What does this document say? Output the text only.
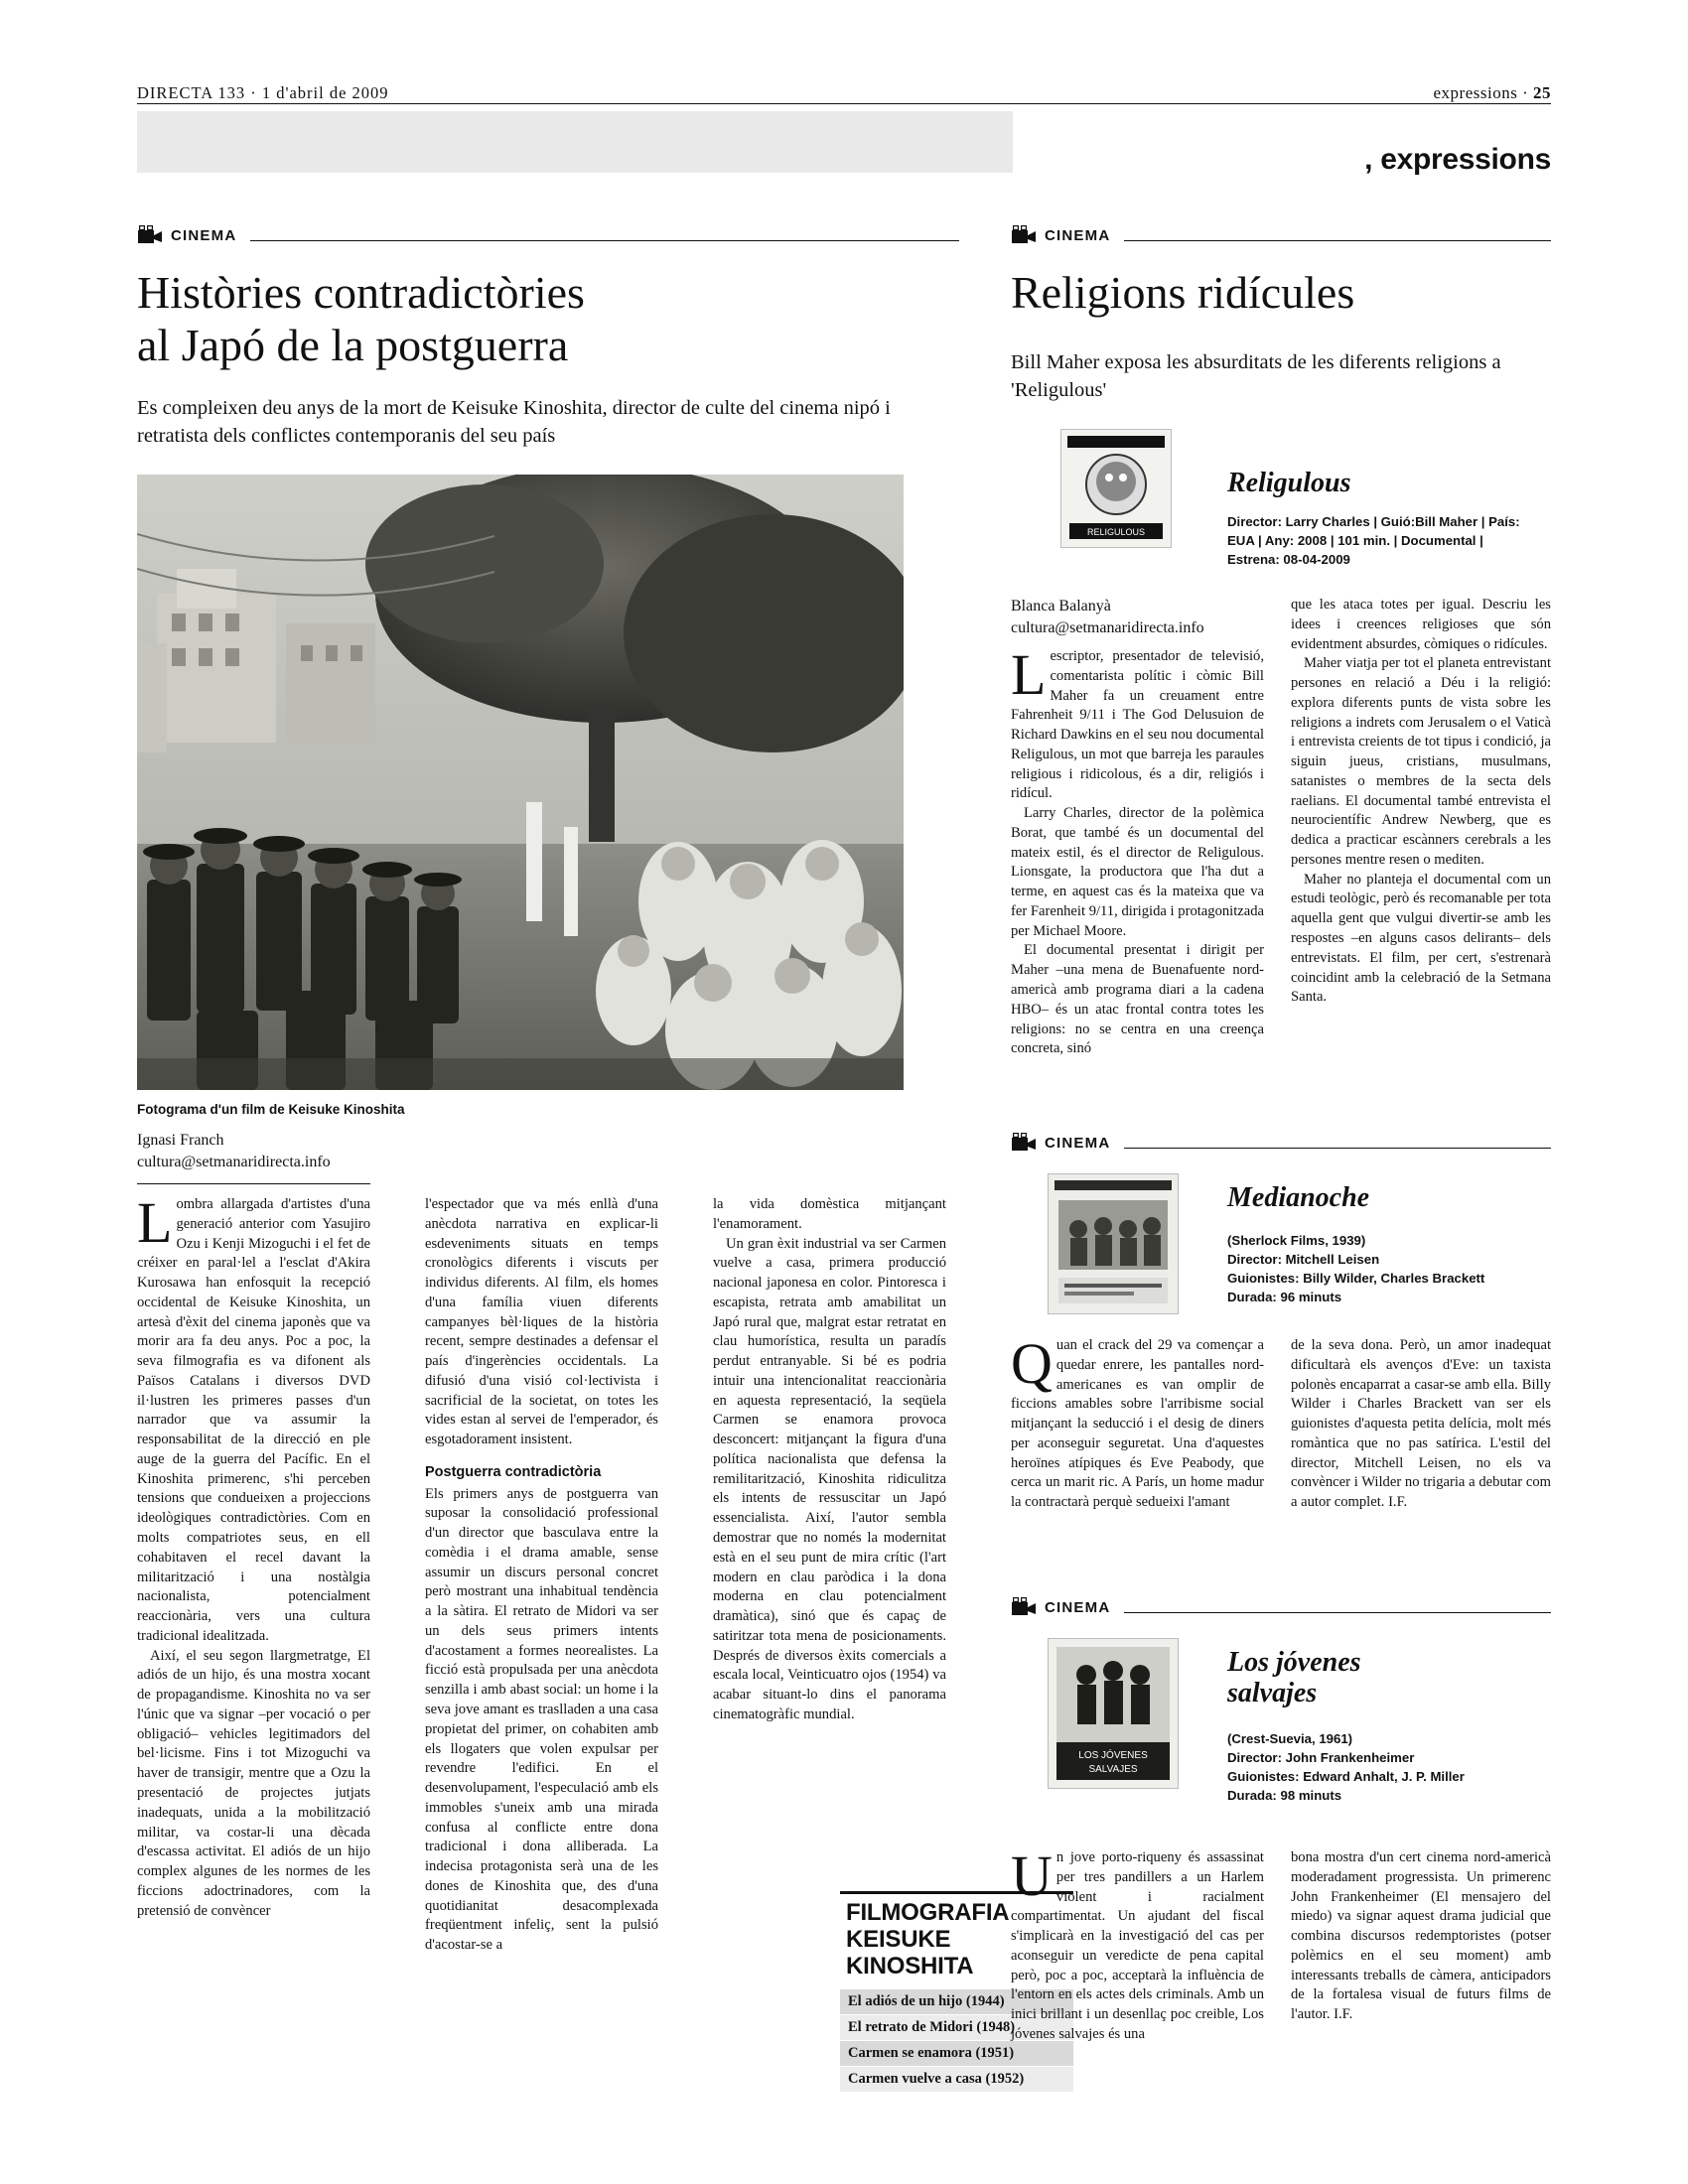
DIRECTA 133 · 1 d'abril de 2009	expressions · 25
, expressions
CINEMA
Històries contradictòries
al Japó de la postguerra
Es compleixen deu anys de la mort de Keisuke Kinoshita, director de culte del cinema nipó i retratista dels conflictes contemporanis del seu país
Fotograma d'un film de Keisuke Kinoshita
Ignasi Franch
cultura@setmanaridirecta.info

Lombra allargada d'artistes d'una generació anterior com Yasujiro Ozu i Kenji Mizoguchi i el fet de créixer en paral·lel a l'esclat d'Akira Kurosawa han enfosquit la recepció occidental de Keisuke Kinoshita, un artesà d'èxit del cinema japonès que va morir ara fa deu anys. Poc a poc, la seva filmografia es va difonent als Països Catalans i diversos DVD il·lustren les primeres passes d'un narrador que va assumir la responsabilitat de la direcció en ple auge de la guerra del Pacífic. En el Kinoshita primerenc, s'hi perceben tensions que condueixen a projeccions ideològiques contradictòries. Com en molts compatriotes seus, en ell cohabitaven el recel davant la militarització i una nostàlgia nacionalista, potencialment reaccionària, vers una cultura tradicional idealitzada.

Així, el seu segon llargmetratge, El adiós de un hijo, és una mostra xocant de propagandisme. Kinoshita no va ser l'únic que va signar –per vocació o per obligació– vehicles legitimadors del bel·licisme. Fins i tot Mizoguchi va haver de transigir, mentre que a Ozu la presentació de projectes jutjats inadequats, unida a la mobilització militar, va costar-li una dècada d'escassa activitat. El adiós de un hijo complex algunes de les normes de les ficcions adoctrinadores, com la pretensió de convèncer

l'espectador que va més enllà d'una anècdota narrativa en explicar-li esdeveniments situats en temps cronològics diferents i viscuts per individus diferents. Al film, els homes d'una família viuen diferents campanyes bèl·liques de la història recent, sempre destinades a defensar el país d'ingerències occidentals. La difusió d'una visió col·lectivista i sacrificial de la societat, on totes les vides estan al servei de l'emperador, és esgotadorament insistent.

Postguerra contradictòria

Els primers anys de postguerra van suposar la consolidació professional d'un director que basculava entre la comèdia i el drama amable, sense assumir un discurs personal concret però mostrant una inhabitual tendència a la sàtira. El retrato de Midori va ser un dels seus primers intents d'acostament a formes neorealistes. La ficció està propulsada per una anècdota senzilla i amb abast social: un home i la seva jove amant es traslladen a una casa propietat del primer, on cohabiten amb els llogaters que volen expulsar per revendre l'edifici. En el desenvolupament, l'especulació amb els immobles s'uneix amb una mirada confusa al conflicte entre dona tradicional i dona alliberada. La indecisa protagonista serà una de les dones de Kinoshita que, des d'una quotidianitat desacomplexada freqüentment infeliç, sent la pulsió d'acostar-se a

la vida domèstica mitjançant l'enamorament.

Un gran èxit industrial va ser Carmen vuelve a casa, primera producció nacional japonesa en color. Pintoresca i escapista, retrata amb amabilitat un Japó rural que, malgrat estar retratat en clau humorística, resulta un paradís perdut entranyable. Si bé es podria intuir una intencionalitat reaccionària en aquesta representació, la seqüela Carmen se enamora provoca desconcert: mitjançant la figura d'una política nacionalista que defensa la remilitarització, Kinoshita ridiculitza els intents de ressuscitar un Japó essencialista. Així, l'autor sembla demostrar que no només la modernitat està en el seu punt de mira crític (l'art modern en clau paròdica i la dona moderna en clau potencialment dramàtica), sinó que és capaç de satiritzar tota mena de posicionaments. Després de diversos èxits comercials a escala local, Veinticuatro ojos (1954) va acabar situant-lo dins el panorama cinematogràfic mundial.

FILMOGRAFIA
KEISUKE KINOSHITA
El adiós de un hijo (1944)
El retrato de Midori (1948)
Carmen se enamora (1951)
Carmen vuelve a casa (1952)
CINEMA
Religions ridícules
Bill Maher exposa les absurditats de les diferents religions a 'Religulous'
RELIGULOUS
Religulous
Director: Larry Charles | Guió:Bill Maher | País: EUA | Any: 2008 | 101 min. | Documental | Estrena: 08-04-2009
Blanca Balanyà
cultura@setmanaridirecta.info

Lescriptor, presentador de televisió, comentarista polític i còmic Bill Maher fa un creuament entre Fahrenheit 9/11 i The God Delusuion de Richard Dawkins en el seu nou documental Religulous, un mot que barreja les paraules religious i ridicolous, és a dir, religiós i ridícul.

Larry Charles, director de la polèmica Borat, que també és un documental del mateix estil, és el director de Religulous. Lionsgate, la productora que l'ha dut a terme, en aquest cas és la mateixa que va fer Farenheit 9/11, dirigida i protagonitzada per Michael Moore.

El documental presentat i dirigit per Maher –una mena de Buenafuente nord-americà amb programa diari a la cadena HBO– és un atac frontal contra totes les religions: no se centra en una creença concreta, sinó

que les ataca totes per igual. Descriu les idees i creences religioses que són evidentment absurdes, còmiques o ridícules.

Maher viatja per tot el planeta entrevistant persones en relació a Déu i la religió: explora diferents punts de vista sobre les religions a indrets com Jerusalem o el Vaticà i entrevista creients de tot tipus i condició, ja siguin jueus, cristians, musulmans, satanistes o membres de la secta dels raelians. El documental també entrevista el neurocientífic Andrew Newberg, que es dedica a practicar escànners cerebrals a les persones mentre resen o mediten.

Maher no planteja el documental com un estudi teològic, però és recomanable per tota aquella gent que vulgui divertir-se amb les respostes –en alguns casos delirants– dels entrevistats. El film, per cert, s'estrenarà coincidint amb la celebració de la Setmana Santa.

CINEMA
Medianoche
(Sherlock Films, 1939)
Director: Mitchell Leisen
Guionistes: Billy Wilder, Charles Brackett
Durada: 96 minuts

Quan el crack del 29 va començar a quedar enrere, les pantalles nord-americanes es van omplir de ficcions amables sobre l'arribisme social mitjançant la seducció i el desig de diners per aconseguir seguretat. Una d'aquestes heroïnes atípiques és Eve Peabody, que cerca un marit ric. A París, un home madur la contractarà perquè sedueixi l'amant

de la seva dona. Però, un amor inadequat dificultarà els avenços d'Eve: un taxista polonès encaparrat a casar-se amb ella. Billy Wilder i Charles Brackett van ser els guionistes d'aquesta petita delícia, molt més romàntica que no pas satírica. L'estil del director, Mitchell Leisen, no els va convèncer i Wilder no trigaria a debutar com a autor complet. I.F.

CINEMA
LOS JÓVENES
SALVAJES
Los jóvenes
salvajes
(Crest-Suevia, 1961)
Director: John Frankenheimer
Guionistes: Edward Anhalt, J. P. Miller
Durada: 98 minuts

Un jove porto-riqueny és assassinat per tres pandillers a un Harlem violent i racialment compartimentat. Un ajudant del fiscal s'implicarà en la investigació del cas per aconseguir un veredicte de pena capital però, poc a poc, acceptarà la influència de l'entorn en els actes dels criminals. Amb un inici brillant i un desenllaç poc creible, Los jóvenes salvajes és una

bona mostra d'un cert cinema nord-americà moderadament progressista. Un primerenc John Frankenheimer (El mensajero del miedo) va signar aquest drama judicial que combina discursos redemptoristes (potser polèmics en el seu moment) amb interessants treballs de càmera, anticipadors de la fortalesa visual de futurs films de l'autor. I.F.
